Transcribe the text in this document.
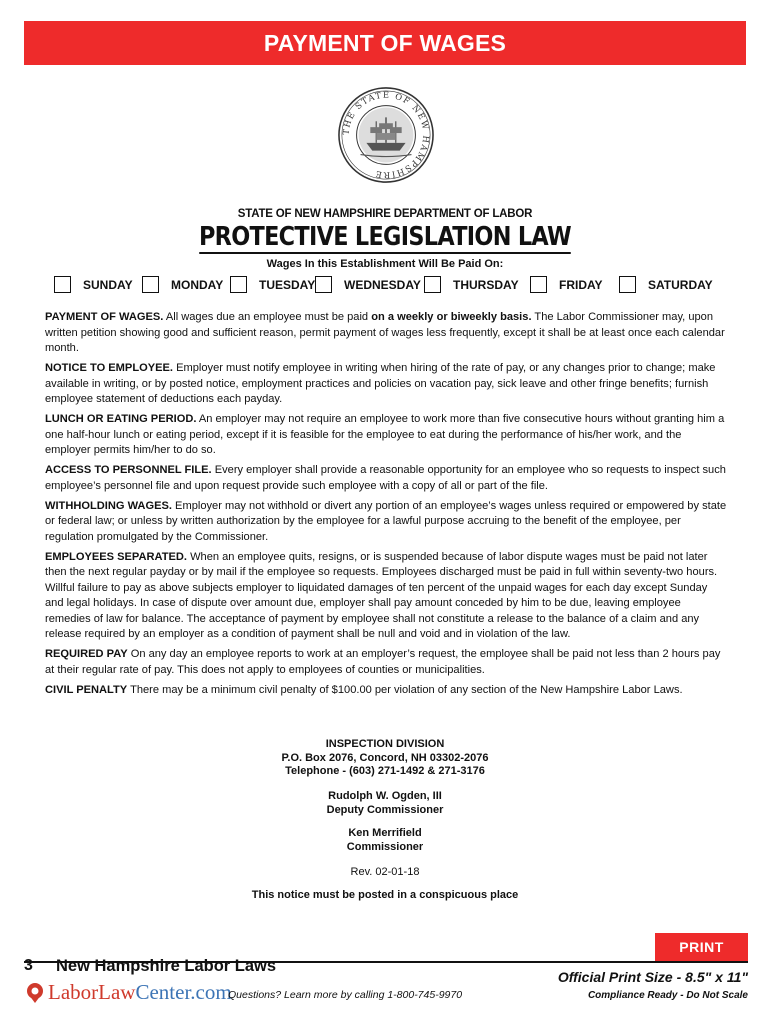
PAYMENT OF WAGES
THE STATE OF NEW HAMPSHIRE
STATE OF NEW HAMPSHIRE DEPARTMENT OF LABOR
PROTECTIVE LEGISLATION LAW
Wages In this Establishment Will Be Paid On:
SUNDAY	MONDAY	TUESDAY WEDNESDAY	THURSDAY	FRIDAY	SATURDAY

PAYMENT OF WAGES. All wages due an employee must be paid on a weekly or biweekly basis. The Labor Commissioner may, upon written petition showing good and sufficient reason, permit payment of wages less frequently, except it shall be at least once each calendar month.

NOTICE TO EMPLOYEE. Employer must notify employee in writing when hiring of the rate of pay, or any changes prior to change; make available in writing, or by posted notice, employment practices and policies on vacation pay, sick leave and other fringe benefits; furnish employee statement of deductions each payday.

LUNCH OR EATING PERIOD. An employer may not require an employee to work more than five consecutive hours without granting him a one half-hour lunch or eating period, except if it is feasible for the employee to eat during the performance of his/her work, and the employer permits him/her to do so.

ACCESS TO PERSONNEL FILE. Every employer shall provide a reasonable opportunity for an employee who so requests to inspect such employee’s personnel file and upon request provide such employee with a copy of all or part of the file.

WITHHOLDING WAGES. Employer may not withhold or divert any portion of an employee’s wages unless required or empowered by state or federal law; or unless by written authorization by the employee for a lawful purpose accruing to the benefit of the employee, per regulation promulgated by the Commissioner.

EMPLOYEES SEPARATED. When an employee quits, resigns, or is suspended because of labor dispute wages must be paid not later then the next regular payday or by mail if the employee so requests. Employees discharged must be paid in full within seventy-two hours. Willful failure to pay as above subjects employer to liquidated damages of ten percent of the unpaid wages for each day except Sunday and legal holidays. In case of dispute over amount due, employer shall pay amount conceded by him to be due, leaving employee remedies of law for balance. The acceptance of payment by employee shall not constitute a release to the balance of a claim and any release required by an employer as a condition of payment shall be null and void and in violation of the law.

REQUIRED PAY On any day an employee reports to work at an employer’s request, the employee shall be paid not less than 2 hours pay at their regular rate of pay. This does not apply to employees of counties or municipalities.

CIVIL PENALTY There may be a minimum civil penalty of $100.00 per violation of any section of the New Hampshire Labor Laws.

INSPECTION DIVISION
P.O. Box 2076, Concord, NH 03302-2076
Telephone - (603) 271-1492 & 271-3176
Rudolph W. Ogden, III
Deputy Commissioner
Ken Merrifield
Commissioner
Rev. 02-01-18
This notice must be posted in a conspicuous place
PRINT
3 New Hampshire Labor Laws
LaborLaw Center.com
Questions? Learn more by calling 1-800-745-9970
Official Print Size - 8.5" x 11"
Compliance Ready - Do Not Scale
